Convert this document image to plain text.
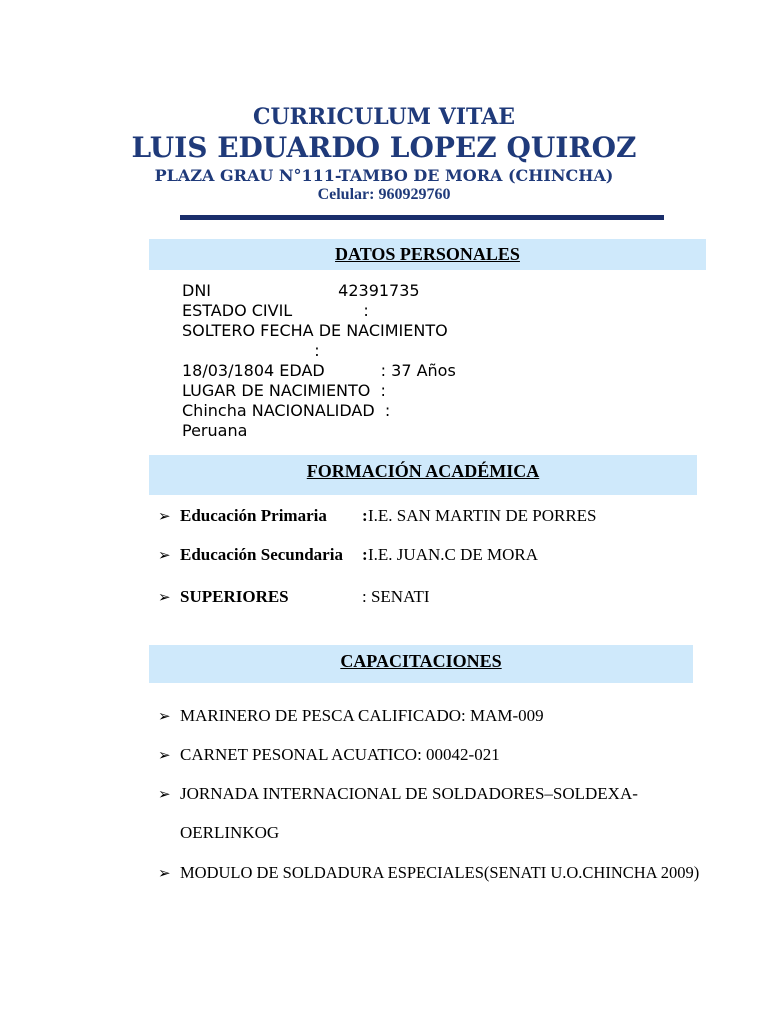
CURRICULUM VITAE
LUIS EDUARDO LOPEZ QUIROZ
PLAZA GRAU N°111-TAMBO DE MORA (CHINCHA)
Celular: 960929760
DATOS PERSONALES
DNI                         42391735
ESTADO CIVIL              :
SOLTERO FECHA DE NACIMIENTO
:
18/03/1804 EDAD           : 37 Años
LUGAR DE NACIMIENTO  :
Chincha NACIONALIDAD  :
Peruana
FORMACIÓN ACADÉMICA
➢ Educación Primaria : I.E. SAN MARTIN DE PORRES
➢ Educación Secundaria : I.E. JUAN.C DE MORA
➢ SUPERIORES	: SENATI
CAPACITACIONES
➢ MARINERO DE PESCA CALIFICADO: MAM-009
➢ CARNET PESONAL ACUATICO: 00042-021
➢ JORNADA INTERNACIONAL DE SOLDADORES–SOLDEXA-
OERLINKOG
➢ MODULO DE SOLDADURA ESPECIALES(SENATI U.O.CHINCHA 2009)
